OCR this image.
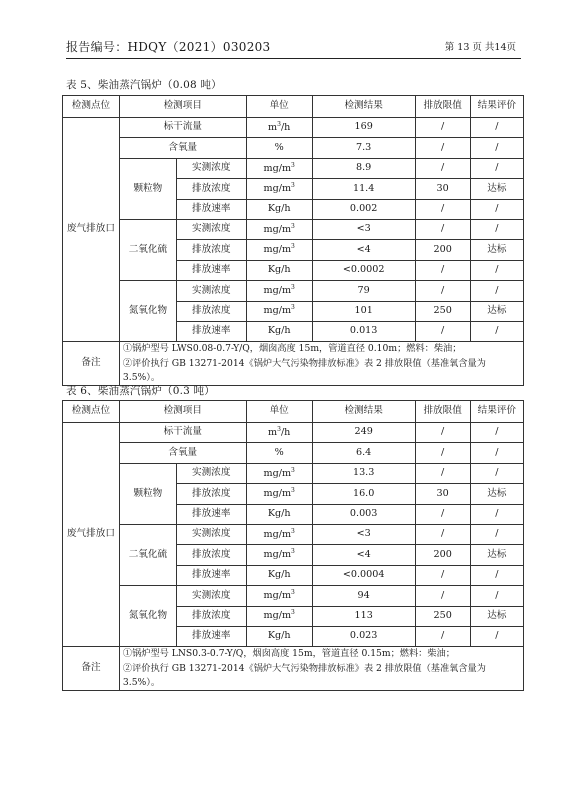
报告编号：HDQY（2021）030203	第 13 页 共14页
表 5、柴油蒸汽锅炉（0.08 吨）
检测点位	检测项目		单位	检测结果	排放限值	结果评价
废气排放口	标干流量		$m^3/h$	169	/	/
	含氧量		%	7.3	/	/
	颗粒物	实测浓度	$mg/m^3$	8.9	/	/
		排放浓度	$mg/m^3$	11.4	30	达标
		排放速率	Kg/h	0.002	/	/
	二氧化硫	实测浓度	$mg/m^3$	<3	/	/
		排放浓度	$mg/m^3$	<4	200	达标
		排放速率	Kg/h	<0.0002	/	/
	氮氧化物	实测浓度	$mg/m^3$	79	/	/
		排放浓度	$mg/m^3$	101	250	达标
		排放速率	Kg/h	0.013	/	/
备注	①锅炉型号 LWS0.08-0.7-Y/Q，烟囱高度 15m，管道直径 0.10m；燃料：柴油；
②评价执行 GB 13271-2014《锅炉大气污染物排放标准》表 2 排放限值（基准氧含量为 3.5%）。					
表 6、柴油蒸汽锅炉（0.3 吨）
检测点位	检测项目		单位	检测结果	排放限值	结果评价
废气排放口	标干流量		$m^3/h$	249	/	/
	含氧量		%	6.4	/	/
	颗粒物	实测浓度	$mg/m^3$	13.3	/	/
		排放浓度	$mg/m^3$	16.0	30	达标
		排放速率	Kg/h	0.003	/	/
	二氧化硫	实测浓度	$mg/m^3$	<3	/	/
		排放浓度	$mg/m^3$	<4	200	达标
		排放速率	Kg/h	<0.0004	/	/
	氮氧化物	实测浓度	$mg/m^3$	94	/	/
		排放浓度	$mg/m^3$	113	250	达标
		排放速率	Kg/h	0.023	/	/
备注	①锅炉型号 LNS0.3-0.7-Y/Q，烟囱高度 15m，管道直径 0.15m；燃料：柴油；
②评价执行 GB 13271-2014《锅炉大气污染物排放标准》表 2 排放限值（基准氧含量为 3.5%）。					
